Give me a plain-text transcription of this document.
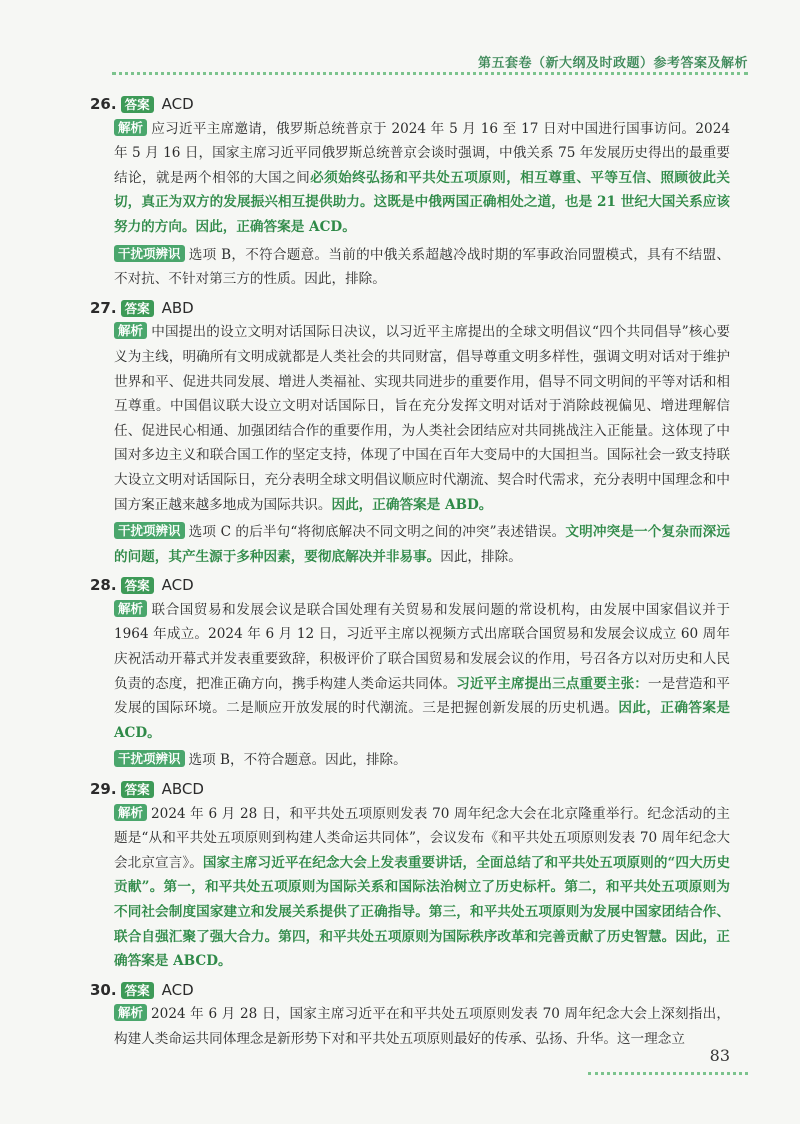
第五套卷（新大纲及时政题）参考答案及解析
26. 答案 ACD
解析 应习近平主席邀请，俄罗斯总统普京于 2024 年 5 月 16 至 17 日对中国进行国事访问。2024 年 5 月 16 日，国家主席习近平同俄罗斯总统普京会谈时强调，中俄关系 75 年发展历史得出的最重要结论，就是两个相邻的大国之间必须始终弘扬和平共处五项原则，相互尊重、平等互信、照顾彼此关切，真正为双方的发展振兴相互提供助力。这既是中俄两国正确相处之道，也是 21 世纪大国关系应该努力的方向。因此，正确答案是 ACD。
干扰项辨识 选项 B，不符合题意。当前的中俄关系超越冷战时期的军事政治同盟模式，具有不结盟、不对抗、不针对第三方的性质。因此，排除。
27. 答案 ABD
解析 中国提出的设立文明对话国际日决议，以习近平主席提出的全球文明倡议“四个共同倡导”核心要义为主线，明确所有文明成就都是人类社会的共同财富，倡导尊重文明多样性，强调文明对话对于维护世界和平、促进共同发展、增进人类福祉、实现共同进步的重要作用，倡导不同文明间的平等对话和相互尊重。中国倡议联大设立文明对话国际日，旨在充分发挥文明对话对于消除歧视偏见、增进理解信任、促进民心相通、加强团结合作的重要作用，为人类社会团结应对共同挑战注入正能量。这体现了中国对多边主义和联合国工作的坚定支持，体现了中国在百年大变局中的大国担当。国际社会一致支持联大设立文明对话国际日，充分表明全球文明倡议顺应时代潮流、契合时代需求，充分表明中国理念和中国方案正越来越多地成为国际共识。因此，正确答案是 ABD。
干扰项辨识 选项 C 的后半句“将彻底解决不同文明之间的冲突”表述错误。文明冲突是一个复杂而深远的问题，其产生源于多种因素，要彻底解决并非易事。因此，排除。
28. 答案 ACD
解析 联合国贸易和发展会议是联合国处理有关贸易和发展问题的常设机构，由发展中国家倡议并于 1964 年成立。2024 年 6 月 12 日，习近平主席以视频方式出席联合国贸易和发展会议成立 60 周年庆祝活动开幕式并发表重要致辞，积极评价了联合国贸易和发展会议的作用，号召各方以对历史和人民负责的态度，把准正确方向，携手构建人类命运共同体。习近平主席提出三点重要主张：一是营造和平发展的国际环境。二是顺应开放发展的时代潮流。三是把握创新发展的历史机遇。因此，正确答案是 ACD。
干扰项辨识 选项 B，不符合题意。因此，排除。
29. 答案 ABCD
解析 2024 年 6 月 28 日，和平共处五项原则发表 70 周年纪念大会在北京隆重举行。纪念活动的主题是“从和平共处五项原则到构建人类命运共同体”，会议发布《和平共处五项原则发表 70 周年纪念大会北京宣言》。国家主席习近平在纪念大会上发表重要讲话，全面总结了和平共处五项原则的“四大历史贡献”。第一，和平共处五项原则为国际关系和国际法治树立了历史标杆。第二，和平共处五项原则为不同社会制度国家建立和发展关系提供了正确指导。第三，和平共处五项原则为发展中国家团结合作、联合自强汇聚了强大合力。第四，和平共处五项原则为国际秩序改革和完善贡献了历史智慧。因此，正确答案是 ABCD。
30. 答案 ACD
解析 2024 年 6 月 28 日，国家主席习近平在和平共处五项原则发表 70 周年纪念大会上深刻指出，构建人类命运共同体理念是新形势下对和平共处五项原则最好的传承、弘扬、升华。这一理念立
83
